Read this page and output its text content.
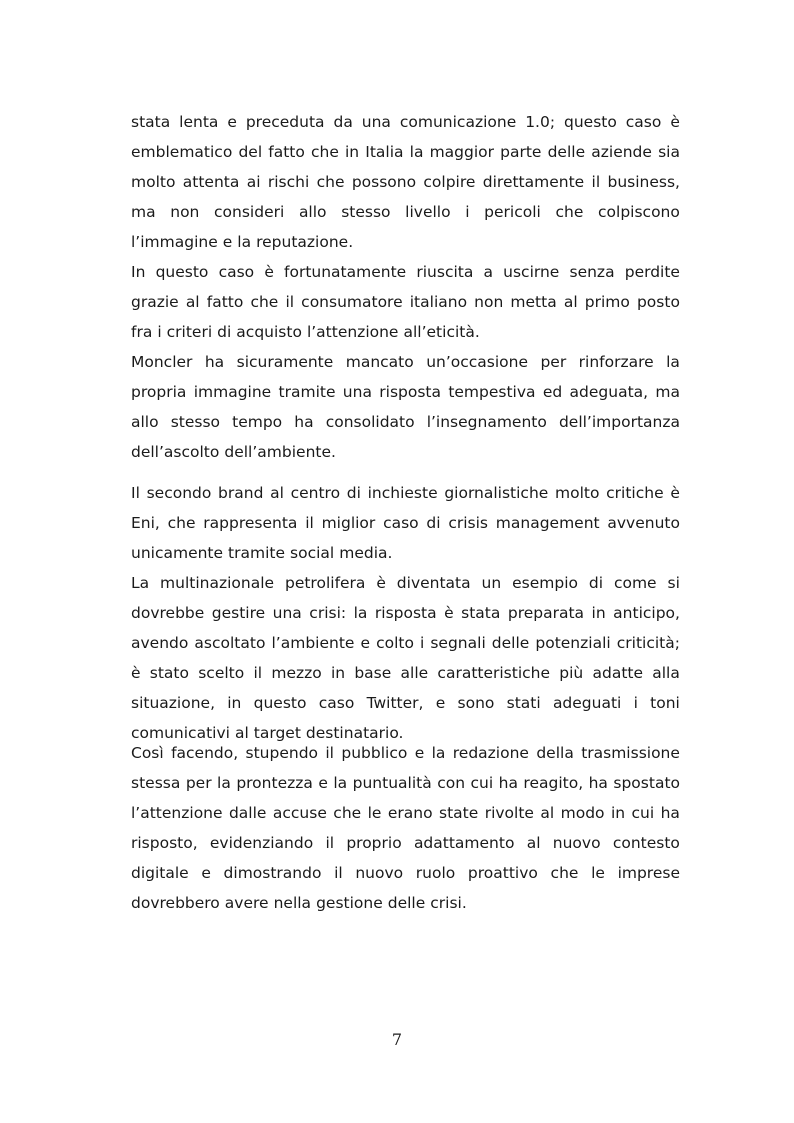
stata lenta e preceduta da una comunicazione 1.0; questo caso è
emblematico del fatto che in Italia la maggior parte delle aziende sia
molto attenta ai rischi che possono colpire direttamente il business,
ma non consideri allo stesso livello i pericoli che colpiscono
l’immagine e la reputazione.
In questo caso è fortunatamente riuscita a uscirne senza perdite
grazie al fatto che il consumatore italiano non metta al primo posto
fra i criteri di acquisto l’attenzione all’eticità.
Moncler ha sicuramente mancato un’occasione per rinforzare la
propria immagine tramite una risposta tempestiva ed adeguata, ma
allo stesso tempo ha consolidato l’insegnamento dell’importanza
dell’ascolto dell’ambiente.
Il secondo brand al centro di inchieste giornalistiche molto critiche è
Eni, che rappresenta il miglior caso di crisis management avvenuto
unicamente tramite social media.
La multinazionale petrolifera è diventata un esempio di come si
dovrebbe gestire una crisi: la risposta è stata preparata in anticipo,
avendo ascoltato l’ambiente e colto i segnali delle potenziali criticità;
è stato scelto il mezzo in base alle caratteristiche più adatte alla
situazione, in questo caso Twitter, e sono stati adeguati i toni
comunicativi al target destinatario.
Così facendo, stupendo il pubblico e la redazione della trasmissione
stessa per la prontezza e la puntualità con cui ha reagito, ha spostato
l’attenzione dalle accuse che le erano state rivolte al modo in cui ha
risposto, evidenziando il proprio adattamento al nuovo contesto
digitale e dimostrando il nuovo ruolo proattivo che le imprese
dovrebbero avere nella gestione delle crisi.
7
